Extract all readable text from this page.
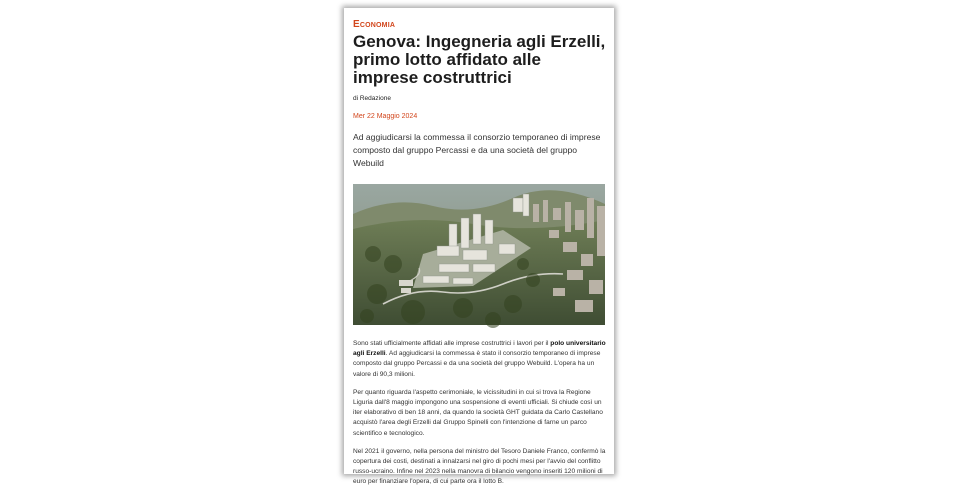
Economia

Genova: Ingegneria agli Erzelli, primo lotto affidato alle imprese costruttrici
di Redazione
Mer 22 Maggio 2024
Ad aggiudicarsi la commessa il consorzio temporaneo di imprese composto dal gruppo Percassi e da una società del gruppo Webuild

Sono stati ufficialmente affidati alle imprese costruttrici i lavori per il polo universitario agli Erzelli. Ad aggiudicarsi la commessa è stato il consorzio temporaneo di imprese composto dal gruppo Percassi e da una società del gruppo Webuild. L'opera ha un valore di 90,3 milioni.

Per quanto riguarda l'aspetto cerimoniale, le vicissitudini in cui si trova la Regione Liguria dall'8 maggio impongono una sospensione di eventi ufficiali. Si chiude così un iter elaborativo di ben 18 anni, da quando la società GHT guidata da Carlo Castellano acquistò l'area degli Erzelli dal Gruppo Spinelli con l'intenzione di farne un parco scientifico e tecnologico.

Nel 2021 il governo, nella persona del ministro del Tesoro Daniele Franco, confermò la copertura dei costi, destinati a innalzarsi nel giro di pochi mesi per l'avvio del conflitto russo-ucraino. Infine nel 2023 nella manovra di bilancio vengono inseriti 120 milioni di euro per finanziare l'opera, di cui parte ora il lotto B.
